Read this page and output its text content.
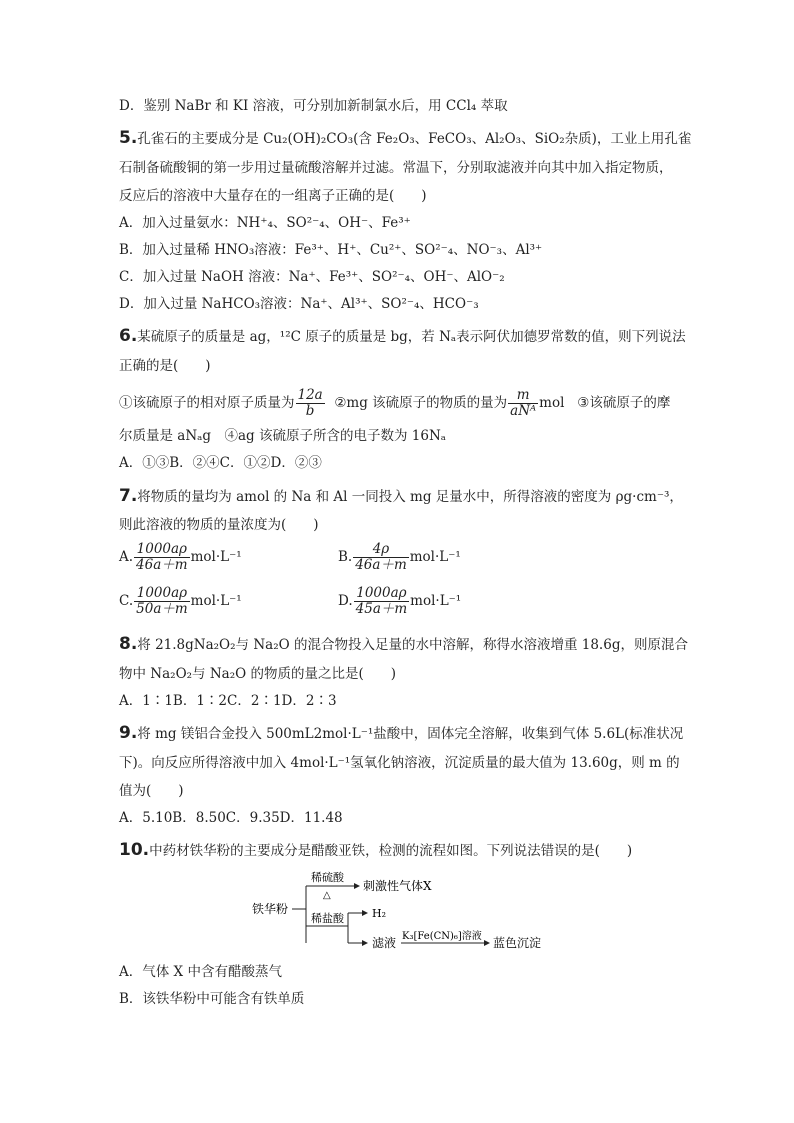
D．鉴别 NaBr 和 KI 溶液，可分别加新制氯水后，用 CCl₄ 萃取
5.孔雀石的主要成分是 Cu₂(OH)₂CO₃(含 Fe₂O₃、FeCO₃、Al₂O₃、SiO₂杂质)，工业上用孔雀
石制备硫酸铜的第一步用过量硫酸溶解并过滤。常温下，分别取滤液并向其中加入指定物质，
反应后的溶液中大量存在的一组离子正确的是(　　)
A．加入过量氨水：NH⁺₄、SO²⁻₄、OH⁻、Fe³⁺
B．加入过量稀 HNO₃溶液：Fe³⁺、H⁺、Cu²⁺、SO²⁻₄、NO⁻₃、Al³⁺
C．加入过量 NaOH 溶液：Na⁺、Fe³⁺、SO²⁻₄、OH⁻、AlO⁻₂
D．加入过量 NaHCO₃溶液：Na⁺、Al³⁺、SO²⁻₄、HCO⁻₃
6.某硫原子的质量是 ag，¹²C 原子的质量是 bg，若 Nₐ表示阿伏加德罗常数的值，则下列说法
正确的是(　　)
①该硫原子的相对原子质量为 $\frac{12a}{b}$ ②mg 该硫原子的物质的量为 $\frac{m}{\text{aNᴬ}}$ mol ③该硫原子的摩
尔质量是 aNₐg　④ag 该硫原子所含的电子数为 16Nₐ
A．①③B．②④C．①②D．②③
7.将物质的量均为 amol 的 Na 和 Al 一同投入 mg 足量水中，所得溶液的密度为 ρg·cm⁻³，
则此溶液的物质的量浓度为(　　)
A. $\frac{1000a\rho}{46a+m} mol\cdot L^{-1}$	B. $\frac{4\rho}{46a+m} mol\cdot L^{-1}$
C. $\frac{1000a\rho}{50a+m} mol\cdot L^{-1}$	D. $\frac{1000a\rho}{45a+m} mol\cdot L^{-1}$
8.将 21.8gNa₂O₂与 Na₂O 的混合物投入足量的水中溶解，称得水溶液增重 18.6g，则原混合
物中 Na₂O₂与 Na₂O 的物质的量之比是(　　)
A．1∶1B．1∶2C．2∶1D．2∶3
9.将 mg 镁铝合金投入 500mL2mol·L⁻¹盐酸中，固体完全溶解，收集到气体 5.6L(标准状况
下)。向反应所得溶液中加入 4mol·L⁻¹氢氧化钠溶液，沉淀质量的最大值为 13.60g，则 m 的
值为(　　)
A．5.10B．8.50C．9.35D．11.48
10.中药材铁华粉的主要成分是醋酸亚铁，检测的流程如图。下列说法错误的是(　　)
铁华粉
稀硫酸
△
刺激性气体X
稀盐酸	H₂
滤液 K₃[Fe(CN)₆]溶液 蓝色沉淀
A．气体 X 中含有醋酸蒸气
B．该铁华粉中可能含有铁单质
